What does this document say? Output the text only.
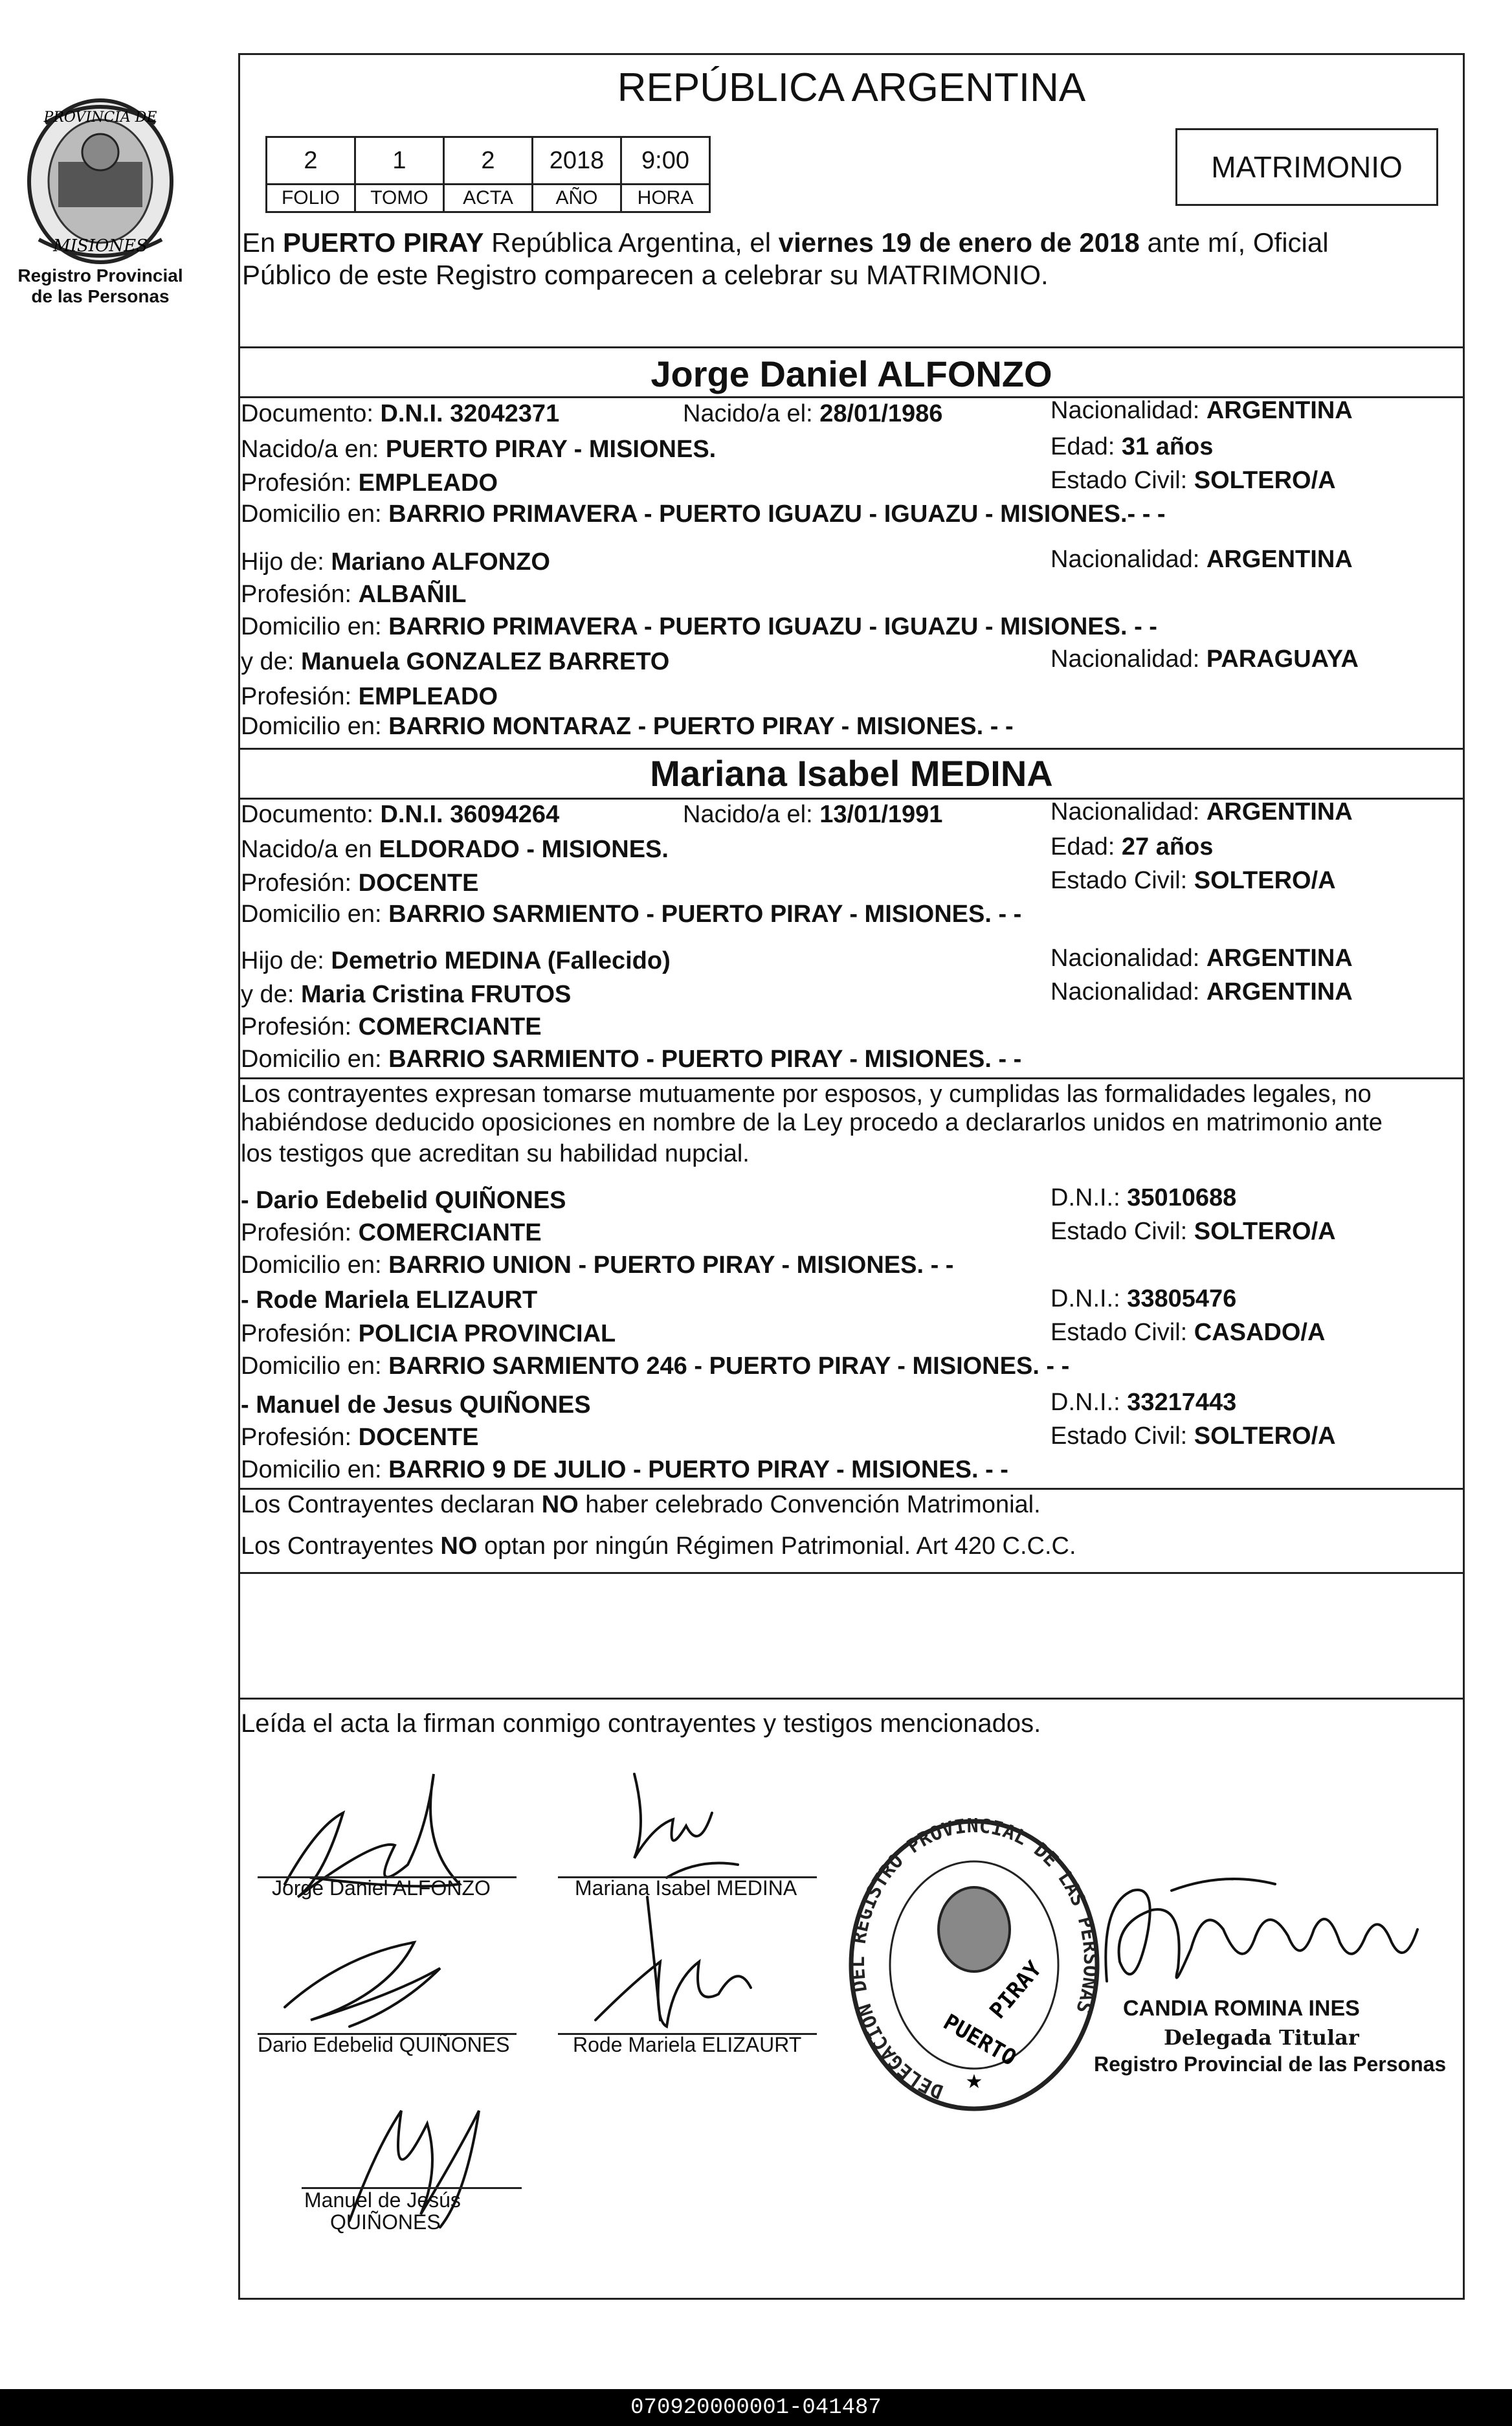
PROVINCIA DE
MISIONES
Registro Provincial
de las Personas
REPÚBLICA ARGENTINA
2	1	2	2018	9:00
FOLIO	TOMO	ACTA	AÑO	HORA
MATRIMONIO
En PUERTO PIRAY República Argentina, el viernes 19 de enero de 2018 ante mí, Oficial
Público de este Registro comparecen a celebrar su MATRIMONIO.
Jorge Daniel ALFONZO
Documento: D.N.I. 32042371	Nacido/a el: 28/01/1986	Nacionalidad: ARGENTINA
Nacido/a en: PUERTO PIRAY - MISIONES.	Edad: 31 años
Profesión: EMPLEADO	Estado Civil: SOLTERO/A
Domicilio en: BARRIO PRIMAVERA - PUERTO IGUAZU - IGUAZU - MISIONES.- - -
Hijo de: Mariano ALFONZO	Nacionalidad: ARGENTINA
Profesión: ALBAÑIL
Domicilio en: BARRIO PRIMAVERA - PUERTO IGUAZU - IGUAZU - MISIONES. - -
y de: Manuela GONZALEZ BARRETO	Nacionalidad: PARAGUAYA
Profesión: EMPLEADO
Domicilio en: BARRIO MONTARAZ - PUERTO PIRAY - MISIONES. - -
Mariana Isabel MEDINA
Documento: D.N.I. 36094264	Nacido/a el: 13/01/1991	Nacionalidad: ARGENTINA
Nacido/a en ELDORADO - MISIONES.	Edad: 27 años
Profesión: DOCENTE	Estado Civil: SOLTERO/A
Domicilio en: BARRIO SARMIENTO - PUERTO PIRAY - MISIONES. - -
Hijo de: Demetrio MEDINA (Fallecido)	Nacionalidad: ARGENTINA
y de: Maria Cristina FRUTOS	Nacionalidad: ARGENTINA
Profesión: COMERCIANTE
Domicilio en: BARRIO SARMIENTO - PUERTO PIRAY - MISIONES. - -
Los contrayentes expresan tomarse mutuamente por esposos, y cumplidas las formalidades legales, no
habiéndose deducido oposiciones en nombre de la Ley procedo a declararlos unidos en matrimonio ante
los testigos que acreditan su habilidad nupcial.
- Dario Edebelid QUIÑONES	D.N.I.: 35010688
Profesión: COMERCIANTE	Estado Civil: SOLTERO/A
Domicilio en: BARRIO UNION - PUERTO PIRAY - MISIONES. - -
- Rode Mariela ELIZAURT	D.N.I.: 33805476
Profesión: POLICIA PROVINCIAL	Estado Civil: CASADO/A
Domicilio en: BARRIO SARMIENTO 246 - PUERTO PIRAY - MISIONES. - -
- Manuel de Jesus QUIÑONES	D.N.I.: 33217443
Profesión: DOCENTE	Estado Civil: SOLTERO/A
Domicilio en: BARRIO 9 DE JULIO - PUERTO PIRAY - MISIONES. - -
Los Contrayentes declaran NO haber celebrado Convención Matrimonial.
Los Contrayentes NO optan por ningún Régimen Patrimonial. Art 420 C.C.C.
Leída el acta la firman conmigo contrayentes y testigos mencionados.
Jorge Daniel ALFONZO	Mariana Isabel MEDINA
Dario Edebelid QUIÑONES	Rode Mariela ELIZAURT
Manuel de Jesús
QUIÑONES
DELEGACION DEL REGISTRO PROVINCIAL DE LAS PERSONAS
PUERTO
PIRAY
★
CANDIA ROMINA INES
Delegada Titular
Registro Provincial de las Personas
070920000001-041487
